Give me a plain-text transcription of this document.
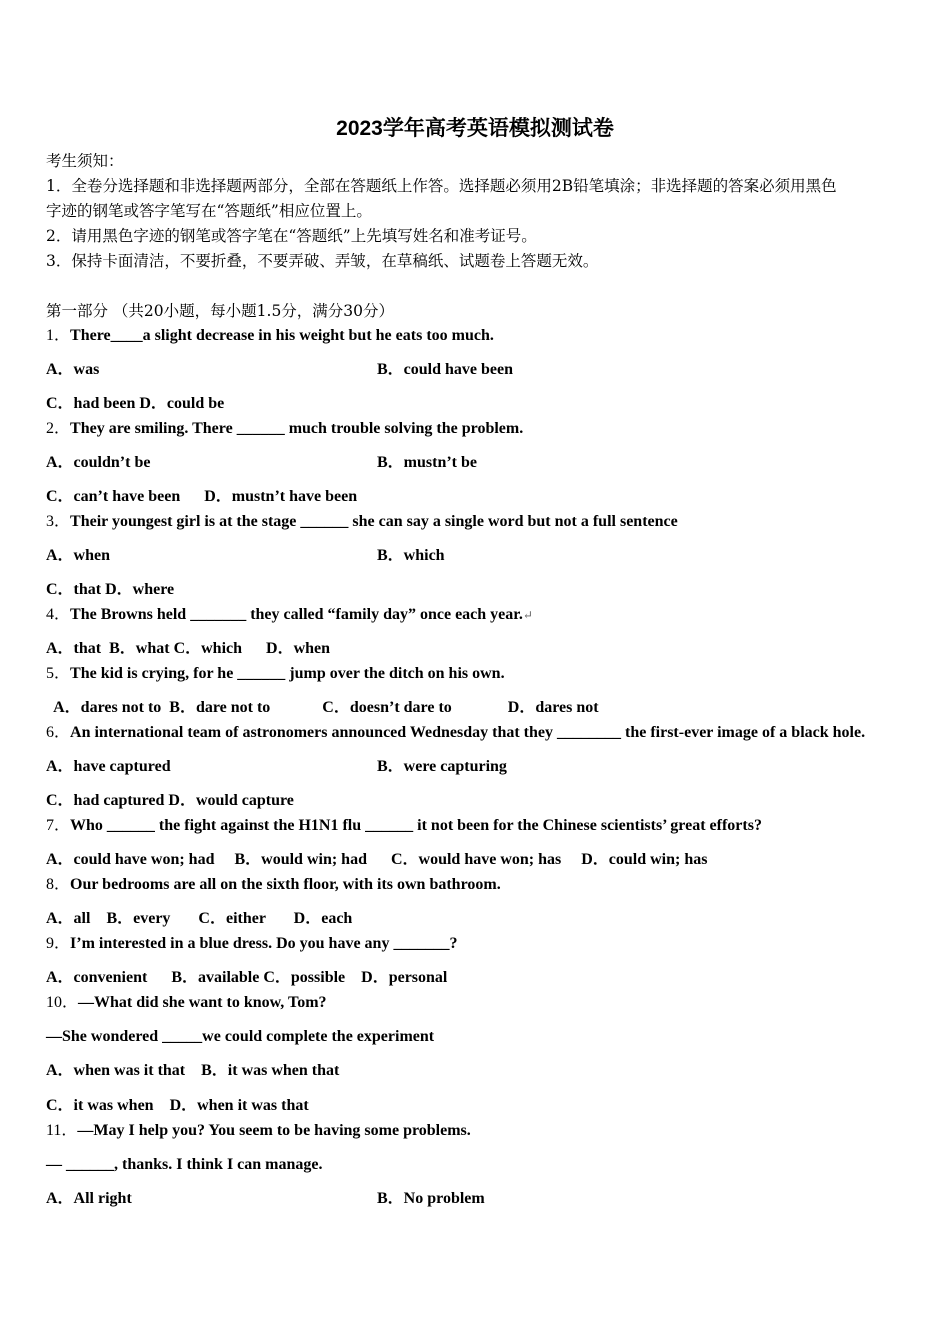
2023学年高考英语模拟测试卷
考生须知：
1．全卷分选择题和非选择题两部分，全部在答题纸上作答。选择题必须用2B铅笔填涂；非选择题的答案必须用黑色
字迹的钢笔或答字笔写在“答题纸”相应位置上。
2．请用黑色字迹的钢笔或答字笔在“答题纸”上先填写姓名和准考证号。
3．保持卡面清洁，不要折叠，不要弄破、弄皱，在草稿纸、试题卷上答题无效。
第一部分 （共20小题，每小题1.5分，满分30分）
1．There____a slight decrease in his weight but he eats too much.
A．was	B．could have been
C．had been D．could be
2．They are smiling. There ______ much trouble solving the problem.
A．couldn’t be	B．mustn’t be
C．can’t have been      D．mustn’t have been
3．Their youngest girl is at the stage ______ she can say a single word but not a full sentence
A．when	B．which
C．that D．where
4．The Browns held _______ they called “family day” once each year.↵
A．that  B．what C．which      D．when
5．The kid is crying, for he ______ jump over the ditch on his own.
A．dares not to  B．dare not to             C．doesn’t dare to              D．dares not
6．An international team of astronomers announced Wednesday that they ________ the first-ever image of a black hole.
A．have captured	B．were capturing
C．had captured D．would capture
7．Who ______ the fight against the H1N1 flu ______ it not been for the Chinese scientists’ great efforts?
A．could have won; had     B．would win; had      C．would have won; has     D．could win; has
8．Our bedrooms are all on the sixth floor, with its own bathroom.
A．all    B．every       C．either       D．each
9．I’m interested in a blue dress. Do you have any _______?
A．convenient      B．available C．possible    D．personal
10．—What did she want to know, Tom?
—She wondered _____we could complete the experiment
A．when was it that    B．it was when that
C．it was when    D．when it was that
11．—May I help you? You seem to be having some problems.
— ______, thanks. I think I can manage.
A．All right	B．No problem
